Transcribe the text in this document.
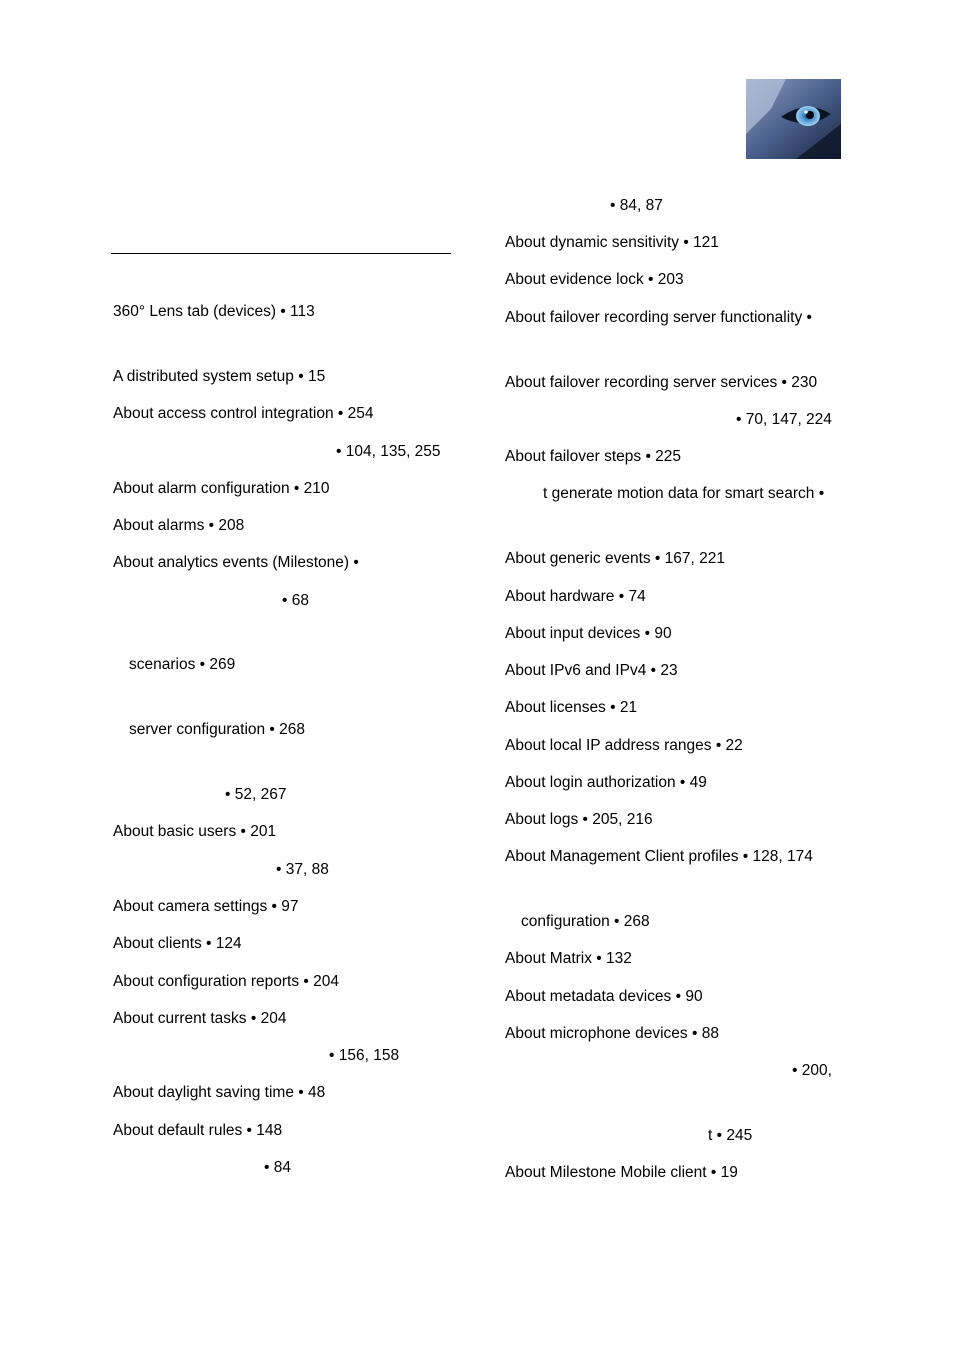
360° Lens tab (devices) • 113
A distributed system setup • 15
About access control integration • 254
• 104, 135, 255
About alarm configuration • 210
About alarms • 208
About analytics events (Milestone) •
• 68
scenarios • 269
server configuration • 268
• 52, 267
About basic users • 201
• 37, 88
About camera settings • 97
About clients • 124
About configuration reports • 204
About current tasks • 204
• 156, 158
About daylight saving time • 48
About default rules • 148
• 84
• 84, 87
About dynamic sensitivity • 121
About evidence lock • 203
About failover recording server functionality •
About failover recording server services • 230
• 70, 147, 224
About failover steps • 225
t generate motion data for smart search •
About generic events • 167, 221
About hardware • 74
About input devices • 90
About IPv6 and IPv4 • 23
About licenses • 21
About local IP address ranges • 22
About login authorization • 49
About logs • 205, 216
About Management Client profiles • 128, 174
configuration • 268
About Matrix • 132
About metadata devices • 90
About microphone devices • 88
• 200,
t • 245
About Milestone Mobile client • 19
